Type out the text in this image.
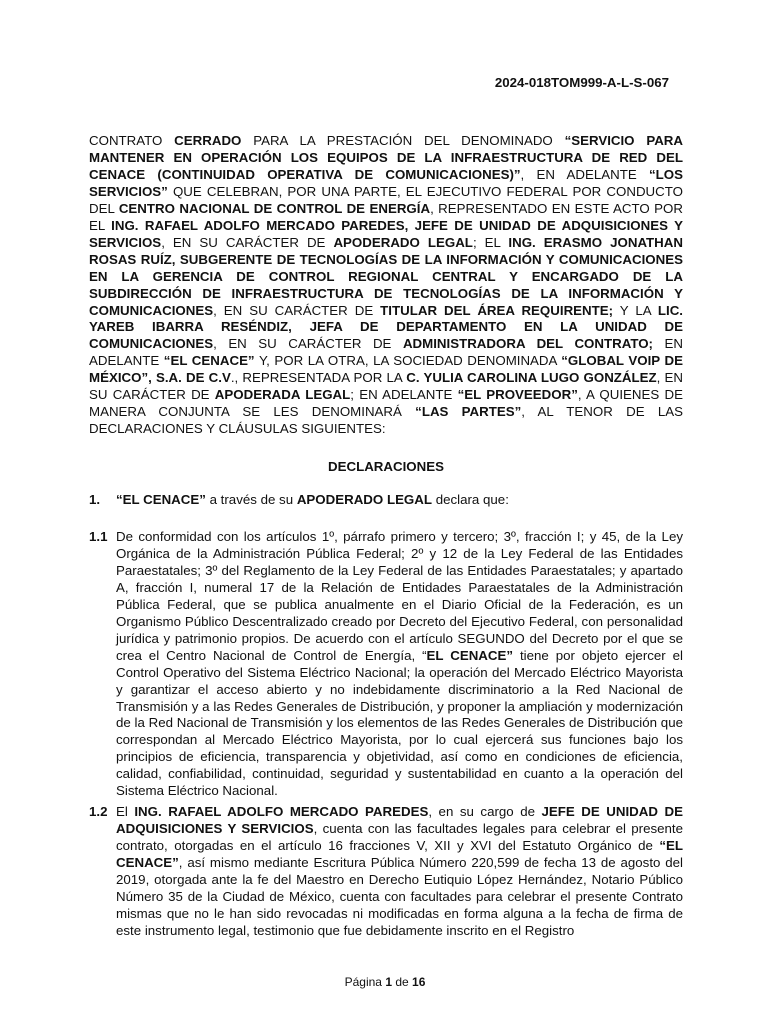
2024-018TOM999-A-L-S-067
CONTRATO CERRADO PARA LA PRESTACIÓN DEL DENOMINADO “SERVICIO PARA MANTENER EN OPERACIÓN LOS EQUIPOS DE LA INFRAESTRUCTURA DE RED DEL CENACE (CONTINUIDAD OPERATIVA DE COMUNICACIONES)”, EN ADELANTE “LOS SERVICIOS” QUE CELEBRAN, POR UNA PARTE, EL EJECUTIVO FEDERAL POR CONDUCTO DEL CENTRO NACIONAL DE CONTROL DE ENERGÍA, REPRESENTADO EN ESTE ACTO POR EL ING. RAFAEL ADOLFO MERCADO PAREDES, JEFE DE UNIDAD DE ADQUISICIONES Y SERVICIOS, EN SU CARÁCTER DE APODERADO LEGAL; EL ING. ERASMO JONATHAN ROSAS RUÍZ, SUBGERENTE DE TECNOLOGÍAS DE LA INFORMACIÓN Y COMUNICACIONES EN LA GERENCIA DE CONTROL REGIONAL CENTRAL Y ENCARGADO DE LA SUBDIRECCIÓN DE INFRAESTRUCTURA DE TECNOLOGÍAS DE LA INFORMACIÓN Y COMUNICACIONES, EN SU CARÁCTER DE TITULAR DEL ÁREA REQUIRENTE; Y LA LIC. YAREB IBARRA RESÉNDIZ, JEFA DE DEPARTAMENTO EN LA UNIDAD DE COMUNICACIONES, EN SU CARÁCTER DE ADMINISTRADORA DEL CONTRATO; EN ADELANTE “EL CENACE” Y, POR LA OTRA, LA SOCIEDAD DENOMINADA “GLOBAL VOIP DE MÉXICO”, S.A. DE C.V., REPRESENTADA POR LA C. YULIA CAROLINA LUGO GONZÁLEZ, EN SU CARÁCTER DE APODERADA LEGAL; EN ADELANTE “EL PROVEEDOR”, A QUIENES DE MANERA CONJUNTA SE LES DENOMINARÁ “LAS PARTES”, AL TENOR DE LAS DECLARACIONES Y CLÁUSULAS SIGUIENTES:
DECLARACIONES
1. “EL CENACE” a través de su APODERADO LEGAL declara que:
1.1 De conformidad con los artículos 1º, párrafo primero y tercero; 3º, fracción I; y 45, de la Ley Orgánica de la Administración Pública Federal; 2º y 12 de la Ley Federal de las Entidades Paraestatales; 3º del Reglamento de la Ley Federal de las Entidades Paraestatales; y apartado A, fracción I, numeral 17 de la Relación de Entidades Paraestatales de la Administración Pública Federal, que se publica anualmente en el Diario Oficial de la Federación, es un Organismo Público Descentralizado creado por Decreto del Ejecutivo Federal, con personalidad jurídica y patrimonio propios. De acuerdo con el artículo SEGUNDO del Decreto por el que se crea el Centro Nacional de Control de Energía, “EL CENACE” tiene por objeto ejercer el Control Operativo del Sistema Eléctrico Nacional; la operación del Mercado Eléctrico Mayorista y garantizar el acceso abierto y no indebidamente discriminatorio a la Red Nacional de Transmisión y a las Redes Generales de Distribución, y proponer la ampliación y modernización de la Red Nacional de Transmisión y los elementos de las Redes Generales de Distribución que correspondan al Mercado Eléctrico Mayorista, por lo cual ejercerá sus funciones bajo los principios de eficiencia, transparencia y objetividad, así como en condiciones de eficiencia, calidad, confiabilidad, continuidad, seguridad y sustentabilidad en cuanto a la operación del Sistema Eléctrico Nacional.
1.2 El ING. RAFAEL ADOLFO MERCADO PAREDES, en su cargo de JEFE DE UNIDAD DE ADQUISICIONES Y SERVICIOS, cuenta con las facultades legales para celebrar el presente contrato, otorgadas en el artículo 16 fracciones V, XII y XVI del Estatuto Orgánico de “EL CENACE”, así mismo mediante Escritura Pública Número 220,599 de fecha 13 de agosto del 2019, otorgada ante la fe del Maestro en Derecho Eutiquio López Hernández, Notario Público Número 35 de la Ciudad de México, cuenta con facultades para celebrar el presente Contrato mismas que no le han sido revocadas ni modificadas en forma alguna a la fecha de firma de este instrumento legal, testimonio que fue debidamente inscrito en el Registro
Página 1 de 16
